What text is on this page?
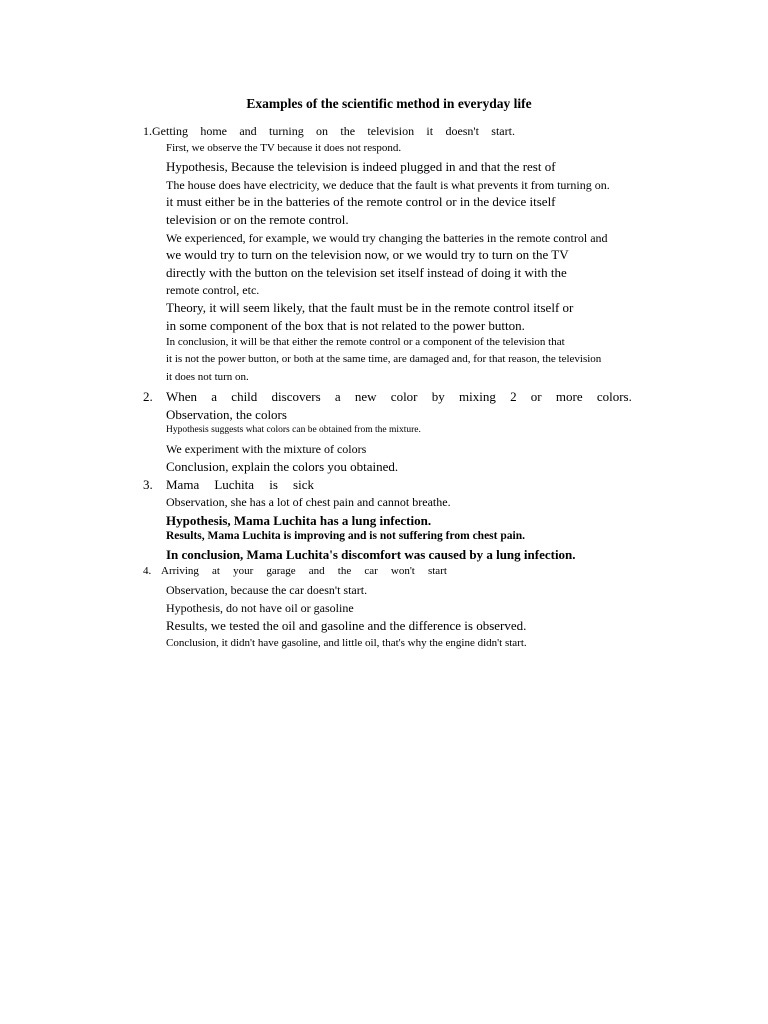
Examples of the scientific method in everyday life
1.Getting home and turning on the television it doesn't start.
First, we observe the TV because it does not respond.
Hypothesis, Because the television is indeed plugged in and that the rest of
The house does have electricity, we deduce that the fault is what prevents it from turning on.
it must either be in the batteries of the remote control or in the device itself
television or on the remote control.
We experienced, for example, we would try changing the batteries in the remote control and
we would try to turn on the television now, or we would try to turn on the TV
directly with the button on the television set itself instead of doing it with the
remote control, etc.
Theory, it will seem likely, that the fault must be in the remote control itself or
in some component of the box that is not related to the power button.
In conclusion, it will be that either the remote control or a component of the television that
it is not the power button, or both at the same time, are damaged and, for that reason, the television
it does not turn on.
2. When a child discovers a new color by mixing 2 or more colors.
Observation, the colors
Hypothesis suggests what colors can be obtained from the mixture.
We experiment with the mixture of colors
Conclusion, explain the colors you obtained.
3. Mama Luchita is sick
Observation, she has a lot of chest pain and cannot breathe.
Hypothesis, Mama Luchita has a lung infection.
Results, Mama Luchita is improving and is not suffering from chest pain.
In conclusion, Mama Luchita's discomfort was caused by a lung infection.
4. Arriving at your garage and the car won't start
Observation, because the car doesn't start.
Hypothesis, do not have oil or gasoline
Results, we tested the oil and gasoline and the difference is observed.
Conclusion, it didn't have gasoline, and little oil, that's why the engine didn't start.
